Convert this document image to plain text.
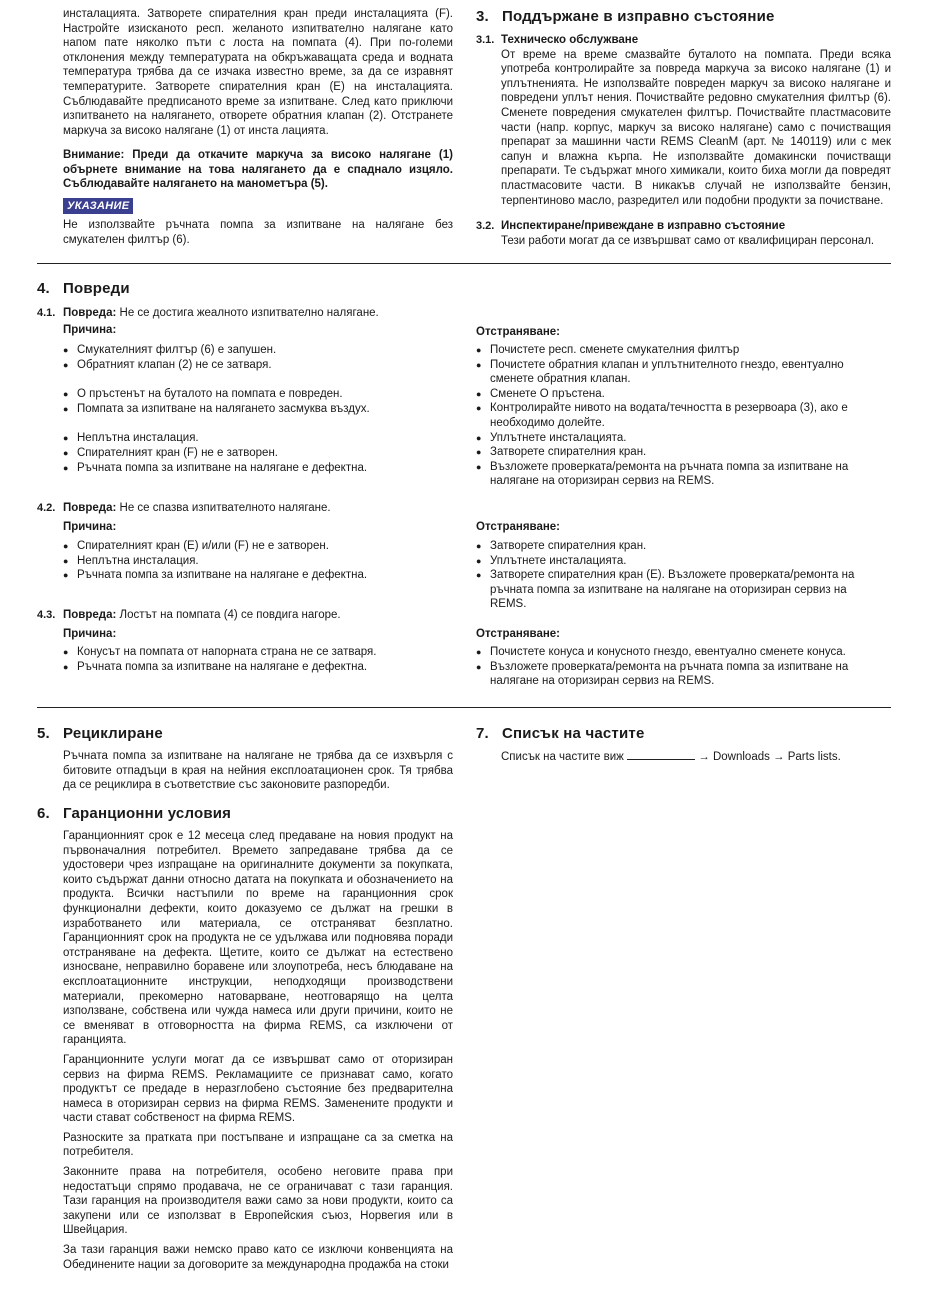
инсталацията. Затворете спирателния кран преди инсталацията (F). Настройте изисканото респ. желаното изпитвателно налягане като напом пате няколко пъти с лоста на помпата (4). При по-големи отклонения между температурата на обкръжаващата среда и водната температура трябва да се изчака известно време, за да се изравнят температурите. Затворете спирателния кран (E) на инсталацията. Съблюдавайте предписаното време за изпитване. След като приключи изпитването на налягането, отворете обратния клапан (2). Отстранете маркуча за високо налягане (1) от инста лацията.

Внимание: Преди да откачите маркуча за високо налягане (1) обърнете внимание на това налягането да е спаднало изцяло. Съблюдавайте налягането на манометъра (5).

УКАЗАНИЕ

Не използвайте ръчната помпа за изпитване на налягане без смукателен филтър (6).

3. Поддържане в изправно състояние
3.1. Техническо обслужване

От време на време смазвайте буталото на помпата. Преди всяка употреба контролирайте за повреда маркуча за високо налягане (1) и уплътненията. Не използвайте повреден маркуч за високо налягане и повредени уплът нения. Почиствайте редовно смукателния филтър (6). Сменете повредения смукателен филтър. Почиствайте пластмасовите части (напр. корпус, маркуч за високо налягане) само с почистващия препарат за машинни части REMS CleanM (арт. № 140119) или с мек сапун и влажна кърпа. Не използвайте домакински почистващи препарати. Те съдържат много химикали, които биха могли да повредят пластмасовите части. В никакъв случай не използвайте бензин, терпентиново масло, разредител или подобни продукти за почистване.

3.2. Инспектиране/привеждане в изправно състояние

Тези работи могат да се извършват само от квалифициран персонал.

4. Повреди
4.1. Повреда: Не се достига жеалното изпитвателно налягане.
Причина:
● Смукателният филтър (6) е запушен.
● Обратният клапан (2) не се затваря.
● О пръстенът на буталото на помпата е повреден.
● Помпата за изпитване на налягането засмуква въздух.
● Неплътна инсталация.
● Спирателният кран (F) не е затворен.
● Ръчната помпа за изпитване на налягане е дефектна.
Отстраняване:
● Почистете респ. сменете смукателния филтър
● Почистете обратния клапан и уплътнителното гнездо, евентуално сменете обратния клапан.
● Сменете О пръстена.
● Контролирайте нивото на водата/течността в резервоара (3), ако е необходимо долейте.
● Уплътнете инсталацията.
● Затворете спирателния кран.
● Възложете проверката/ремонта на ръчната помпа за изпитване на налягане на оторизиран сервиз на REMS.
4.2. Повреда: Не се спазва изпитвателното налягане.
Причина:
● Спирателният кран (E) и/или (F) не е затворен.
● Неплътна инсталация.
● Ръчната помпа за изпитване на налягане е дефектна.
Отстраняване:
● Затворете спирателния кран.
● Уплътнете инсталацията.
● Затворете спирателния кран (E). Възложете проверката/ремонта на ръчната помпа за изпитване на налягане на оторизиран сервиз на REMS.
4.3. Повреда: Лостът на помпата (4) се повдига нагоре.
Причина:
● Конусът на помпата от напорната страна не се затваря.
● Ръчната помпа за изпитване на налягане е дефектна.
Отстраняване:
● Почистете конуса и конусното гнездо, евентуално сменете конуса.
● Възложете проверката/ремонта на ръчната помпа за изпитване на налягане на оторизиран сервиз на REMS.
5. Рециклиране

Ръчната помпа за изпитване на налягане не трябва да се изхвърля с битовите отпадъци в края на нейния експлоатационен срок. Тя трябва да се рециклира в съответствие със законовите разпоредби.

6. Гаранционни условия

Гаранционният срок е 12 месеца след предаване на новия продукт на първоначалния потребител. Времето запредаване трябва да се удостовери чрез изпращане на оригиналните документи за покупката, които съдържат данни относно датата на покупката и обозначението на продукта. Всички настъпили по време на гаранционния срок функционални дефекти, които доказуемо се дължат на грешки в изработването или материала, се отстраняват безплатно. Гаранционният срок на продукта не се удължава или подновява поради отстраняване на дефекта. Щетите, които се дължат на естествено износване, неправилно боравене или злоупотреба, несъ блюдаване на експлоатационните инструкции, неподходящи производствени материали, прекомерно натоварване, неотговарящо на целта използване, собствена или чужда намеса или други причини, които не се вменяват в отговорността на фирма REMS, са изключени от гаранцията.

Гаранционните услуги могат да се извършват само от оторизиран сервиз на фирма REMS. Рекламациите се признават само, когато продуктът се предаде в неразглобено състояние без предварителна намеса в оторизиран сервиз на фирма REMS. Заменените продукти и части стават собственост на фирма REMS.

Разноските за пратката при постъпване и изпращане са за сметка на потребителя.

Законните права на потребителя, особено неговите права при недостатъци спрямо продавача, не се ограничават с тази гаранция. Тази гаранция на производителя важи само за нови продукти, които са закупени или се използват в Европейския съюз, Норвегия или в Швейцария.

За тази гаранция важи немско право като се изключи конвенцията на Обединените нации за договорите за международна продажба на стоки

7. Списък на частите
Списък на частите виж	→ Downloads → Parts lists.
